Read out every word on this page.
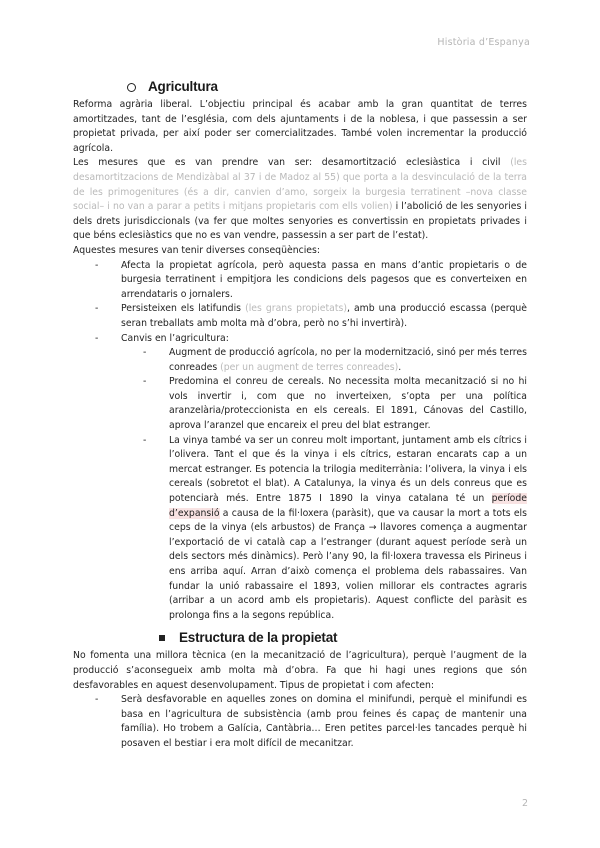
Història d’Espanya
Agricultura

Reforma agrària liberal. L’objectiu principal és acabar amb la gran quantitat de terres amortitzades, tant de l’església, com dels ajuntaments i de la noblesa, i que passessin a ser propietat privada, per així poder ser comercialitzades. També volen incrementar la producció agrícola.

Les mesures que es van prendre van ser: desamortització eclesiàstica i civil (les desamortitzacions de Mendizàbal al 37 i de Madoz al 55) que porta a la desvinculació de la terra de les primogenitures (és a dir, canvien d’amo, sorgeix la burgesia terratinent –nova classe social– i no van a parar a petits i mitjans propietaris com ells volien) i l’abolició de les senyories i dels drets jurisdiccionals (va fer que moltes senyories es convertissin en propietats privades i que béns eclesiàstics que no es van vendre, passessin a ser part de l’estat).

Aquestes mesures van tenir diverses conseqüències:

- Afecta la propietat agrícola, però aquesta passa en mans d’antic propietaris o de burgesia terratinent i empitjora les condicions dels pagesos que es converteixen en arrendataris o jornalers.
- Persisteixen els latifundis (les grans propietats), amb una producció escassa (perquè seran treballats amb molta mà d’obra, però no s’hi invertirà).
- Canvis en l’agricultura:
- Augment de producció agrícola, no per la modernització, sinó per més terres conreades (per un augment de terres conreades).
- Predomina el conreu de cereals. No necessita molta mecanització si no hi vols invertir i, com que no inverteixen, s’opta per una política aranzelària/proteccionista en els cereals. El 1891, Cánovas del Castillo, aprova l’aranzel que encareix el preu del blat estranger.
- La vinya també va ser un conreu molt important, juntament amb els cítrics i l’olivera. Tant el que és la vinya i els cítrics, estaran encarats cap a un mercat estranger. Es potencia la trilogia mediterrània: l’olivera, la vinya i els cereals (sobretot el blat). A Catalunya, la vinya és un dels conreus que es potenciarà més. Entre 1875 I 1890 la vinya catalana té un període d’expansió a causa de la fil·loxera (paràsit), que va causar la mort a tots els ceps de la vinya (els arbustos) de França → llavores comença a augmentar l’exportació de vi català cap a l’estranger (durant aquest període serà un dels sectors més dinàmics). Però l’any 90, la fil·loxera travessa els Pirineus i ens arriba aquí. Arran d’això comença el problema dels rabassaires. Van fundar la unió rabassaire el 1893, volien millorar els contractes agraris (arribar a un acord amb els propietaris). Aquest conflicte del paràsit es prolonga fins a la segons república.
Estructura de la propietat

No fomenta una millora tècnica (en la mecanització de l’agricultura), perquè l’augment de la producció s’aconsegueix amb molta mà d’obra. Fa que hi hagi unes regions que són desfavorables en aquest desenvolupament. Tipus de propietat i com afecten:

- Serà desfavorable en aquelles zones on domina el minifundi, perquè el minifundi es basa en l’agricultura de subsistència (amb prou feines és capaç de mantenir una família). Ho trobem a Galícia, Cantàbria… Eren petites parcel·les tancades perquè hi posaven el bestiar i era molt difícil de mecanitzar.
2
